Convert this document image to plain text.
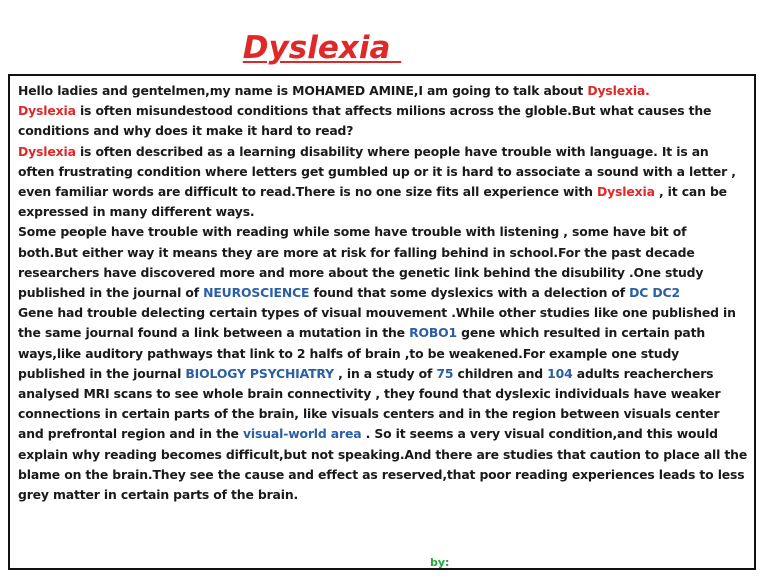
Dyslexia

Hello ladies and gentelmen,my name is MOHAMED AMINE,I am going to talk about Dyslexia.

Dyslexia is often misundestood conditions that affects milions across the globle.But what causes the conditions and why does it make it hard to read?

Dyslexia is often described as a learning disability where people have trouble with language. It is an often frustrating condition where letters get gumbled up or it is hard to associate a sound with a letter , even familiar words are difficult to read.There is no one size fits all experience with Dyslexia , it can be expressed in many different ways.

Some people have trouble with reading while some have trouble with listening , some have bit of both.But either way it means they are more at risk for falling behind in school.For the past decade researchers have discovered more and more about the genetic link behind the disubility .One study published in the journal of NEUROSCIENCE found that some dyslexics with a delection of DC DC2

Gene had trouble delecting certain types of visual mouvement .While other studies like one published in the same journal found a link between a mutation in the ROBO1 gene which resulted in certain path ways,like auditory pathways that link to 2 halfs of brain ,to be weakened.For example one study published in the journal BIOLOGY PSYCHIATRY , in a study of 75 children and 104 adults reacherchers analysed MRI scans to see whole brain connectivity , they found that dyslexic individuals have weaker connections in certain parts of the brain, like visuals centers and in the region between visuals center and prefrontal region and in the visual-world area . So it seems a very visual condition,and this would explain why reading becomes difficult,but not speaking.And there are studies that caution to place all the blame on the brain.They see the cause and effect as reserved,that poor reading experiences leads to less grey matter in certain parts of the brain.

by:
